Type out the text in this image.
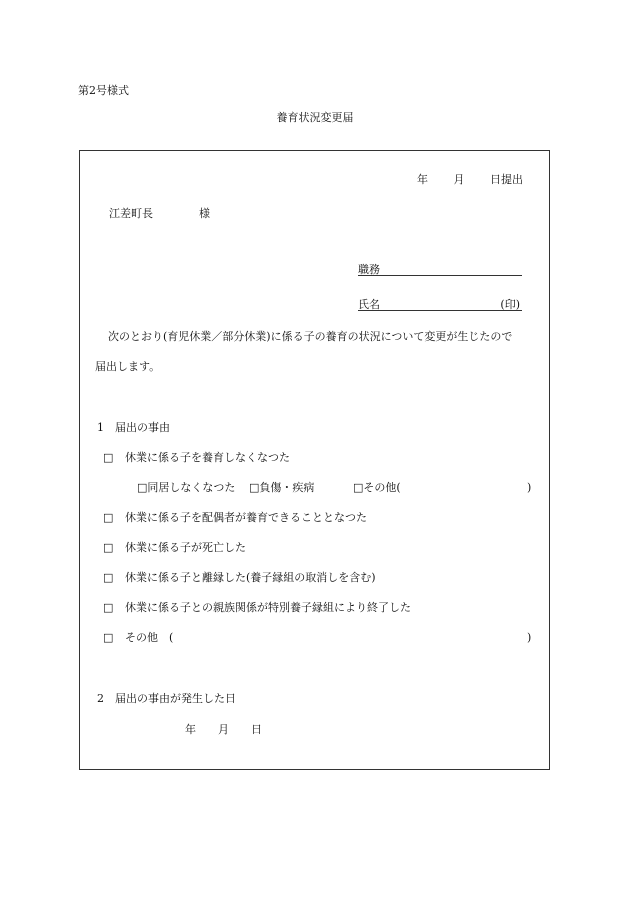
第2号様式
養育状況変更届
年 月 日提出
江差町長	様
職務
氏名	(印)
次のとおり(育児休業／部分休業)に係る子の養育の状況について変更が生じたので
届出します。
1　届出の事由
□ 休業に係る子を養育しなくなつた
□同居しなくなつた □負傷・疾病	□その他(	)
□ 休業に係る子を配偶者が養育できることとなつた
□ 休業に係る子が死亡した
□ 休業に係る子と離縁した(養子縁組の取消しを含む)
□ 休業に係る子との親族関係が特別養子縁組により終了した
□ その他　(	)
2　届出の事由が発生した日
年 月 日
